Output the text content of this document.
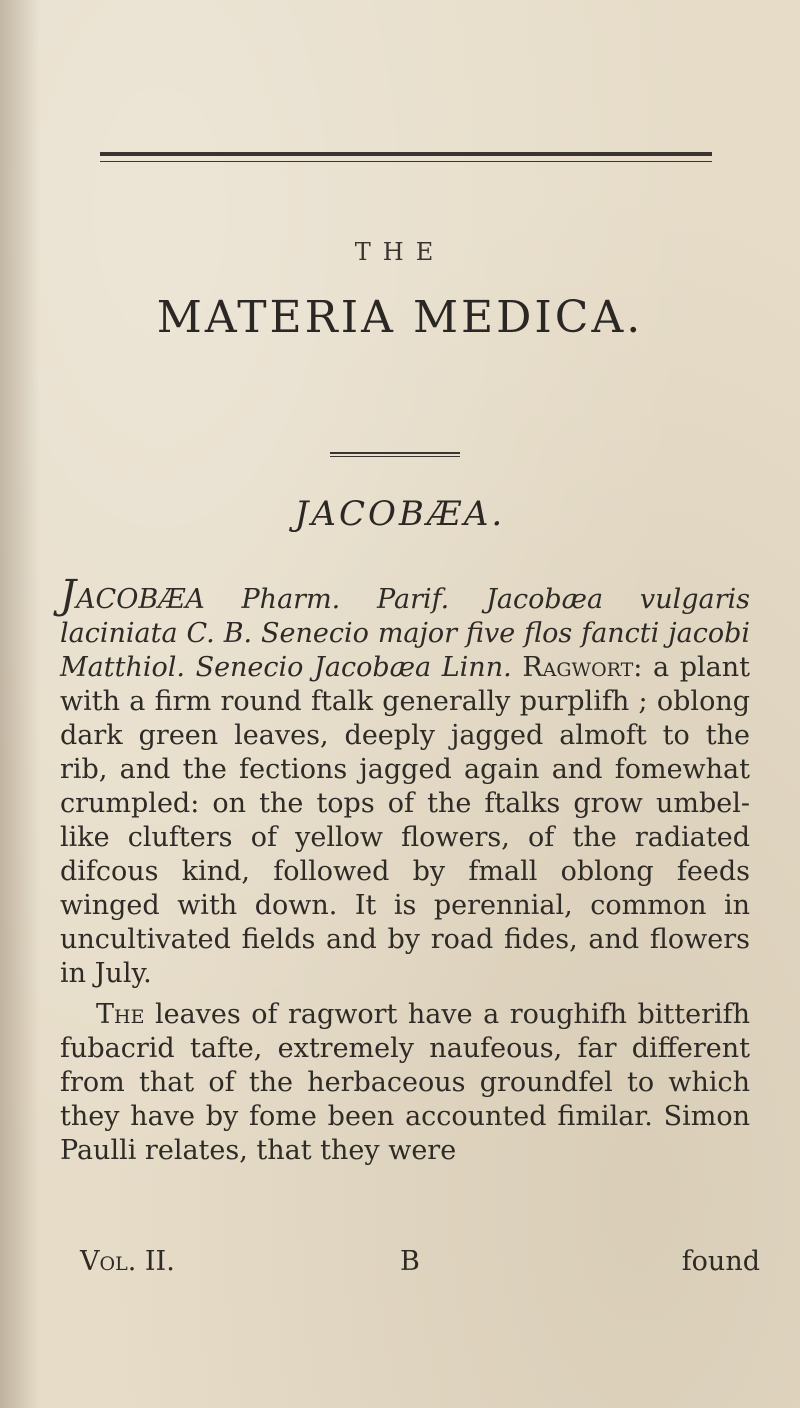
THE
MATERIA MEDICA.
JACOBÆA.
JACOBÆA Pharm. Parif. Jacobæa vulgaris laciniata C. B. Senecio major five flos fancti jacobi Matthiol. Senecio Jacobæa Linn. Ragwort: a plant with a firm round ftalk generally purplifh ; oblong dark green leaves, deeply jagged almoft to the rib, and the fections jagged again and fomewhat crumpled: on the tops of the ftalks grow umbel-like clufters of yellow flowers, of the radiated difcous kind, followed by fmall oblong feeds winged with down. It is perennial, common in uncultivated fields and by road fides, and flowers in July.
The leaves of ragwort have a roughifh bitterifh fubacrid tafte, extremely naufeous, far different from that of the herbaceous groundfel to which they have by fome been accounted fimilar. Simon Paulli relates, that they were
Vol. II.	B	found
